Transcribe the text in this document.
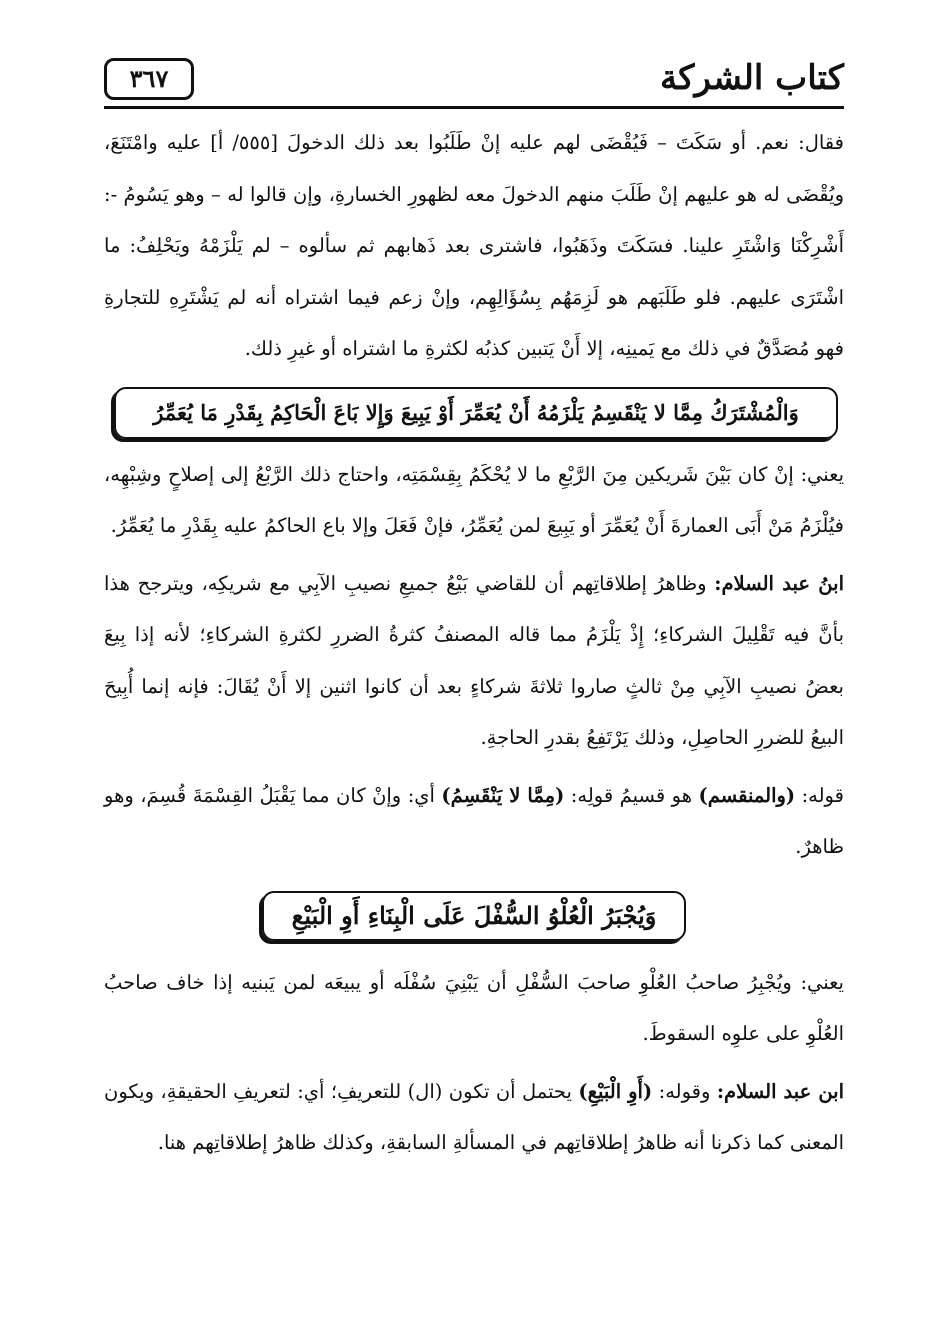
كتاب الشركة
٣٦٧

فقال: نعم. أو سَكَتَ – فَيُقْضَى لهم عليه إنْ طَلَبُوا بعد ذلك الدخولَ [٥٥٥/ أ] عليه وامْتَنَعَ، ويُقْضَى له هو عليهم إنْ طَلَبَ منهم الدخولَ معه لظهورِ الخسارةِ، وإن قالوا له – وهو يَسُومُ -: أَشْرِكْنَا وَاشْتَرِ علينا. فسَكَتَ وذَهَبُوا، فاشترى بعد ذَهابهم ثم سألوه – لم يَلْزَمْهُ ويَحْلِفُ: ما اشْتَرَى عليهم. فلو طَلَبَهم هو لَزِمَهُم بِسُؤَالِهِم، وإنْ زعم فيما اشتراه أنه لم يَشْتَرِهِ للتجارةِ فهو مُصَدَّقٌ في ذلك مع يَمينِه، إلا أَنْ يَتبين كذبُه لكثرةِ ما اشتراه أو غيرِ ذلك.

وَالْمُشْتَرَكُ مِمَّا لا يَنْقَسِمُ يَلْزَمُهُ أَنْ يُعَمِّرَ أَوْ يَبِيعَ وَإِلا بَاعَ الْحَاكِمُ بِقَدْرِ مَا يُعَمِّرُ

يعني: إنْ كان بَيْنَ شَريكين مِنَ الرَّبْعِ ما لا يُحْكَمُ بِقِسْمَتِه، واحتاج ذلك الرَّبْعُ إلى إصلاحٍ وشِبْهِه، فيُلْزَمُ مَنْ أَبَى العمارةَ أَنْ يُعَمِّرَ أو يَبِيعَ لمن يُعَمِّرُ، فإنْ فَعَلَ وإلا باع الحاكمُ عليه بِقَدْرِ ما يُعَمِّرُ.

ابنُ عبد السلام: وظاهرُ إطلاقاتِهم أن للقاضي بَيْعُ جميعِ نصيبِ الآبِي مع شريكِه، ويترجح هذا بأنَّ فيه تَقْلِيلَ الشركاءِ؛ إِذْ يَلْزَمُ مما قاله المصنفُ كثرةُ الضررِ لكثرةِ الشركاءِ؛ لأنه إذا بِيعَ بعضُ نصيبِ الآبِي مِنْ ثالثٍ صاروا ثلاثةَ شركاءٍ بعد أن كانوا اثنين إلا أَنْ يُقَالَ: فإنه إنما أُبِيحَ البيعُ للضررِ الحاصِلِ، وذلك يَرْتَفِعُ بقدرِ الحاجةِ.

قوله: (والمنقسم) هو قسيمُ قولِه: (مِمَّا لا يَنْقَسِمُ) أي: وإنْ كان مما يَقْبَلُ القِسْمَةَ قُسِمَ، وهو ظاهرٌ.

وَيُجْبَرُ الْعُلْوُ السُّفْلَ عَلَى الْبِنَاءِ أَوِ الْبَيْعِ

يعني: ويُجْبِرُ صاحبُ العُلْوِ صاحبَ السُّفْلِ أن يَبْنِيَ سُفْلَه أو يبيعَه لمن يَبنيه إذا خاف صاحبُ العُلْوِ على علوِه السقوطَ.

ابن عبد السلام: وقوله: (أَوِ الْبَيْعِ) يحتمل أن تكون (ال) للتعريفِ؛ أي: لتعريفِ الحقيقةِ، ويكون المعنى كما ذكرنا أنه ظاهرُ إطلاقاتِهم في المسألةِ السابقةِ، وكذلك ظاهرُ إطلاقاتِهم هنا.
